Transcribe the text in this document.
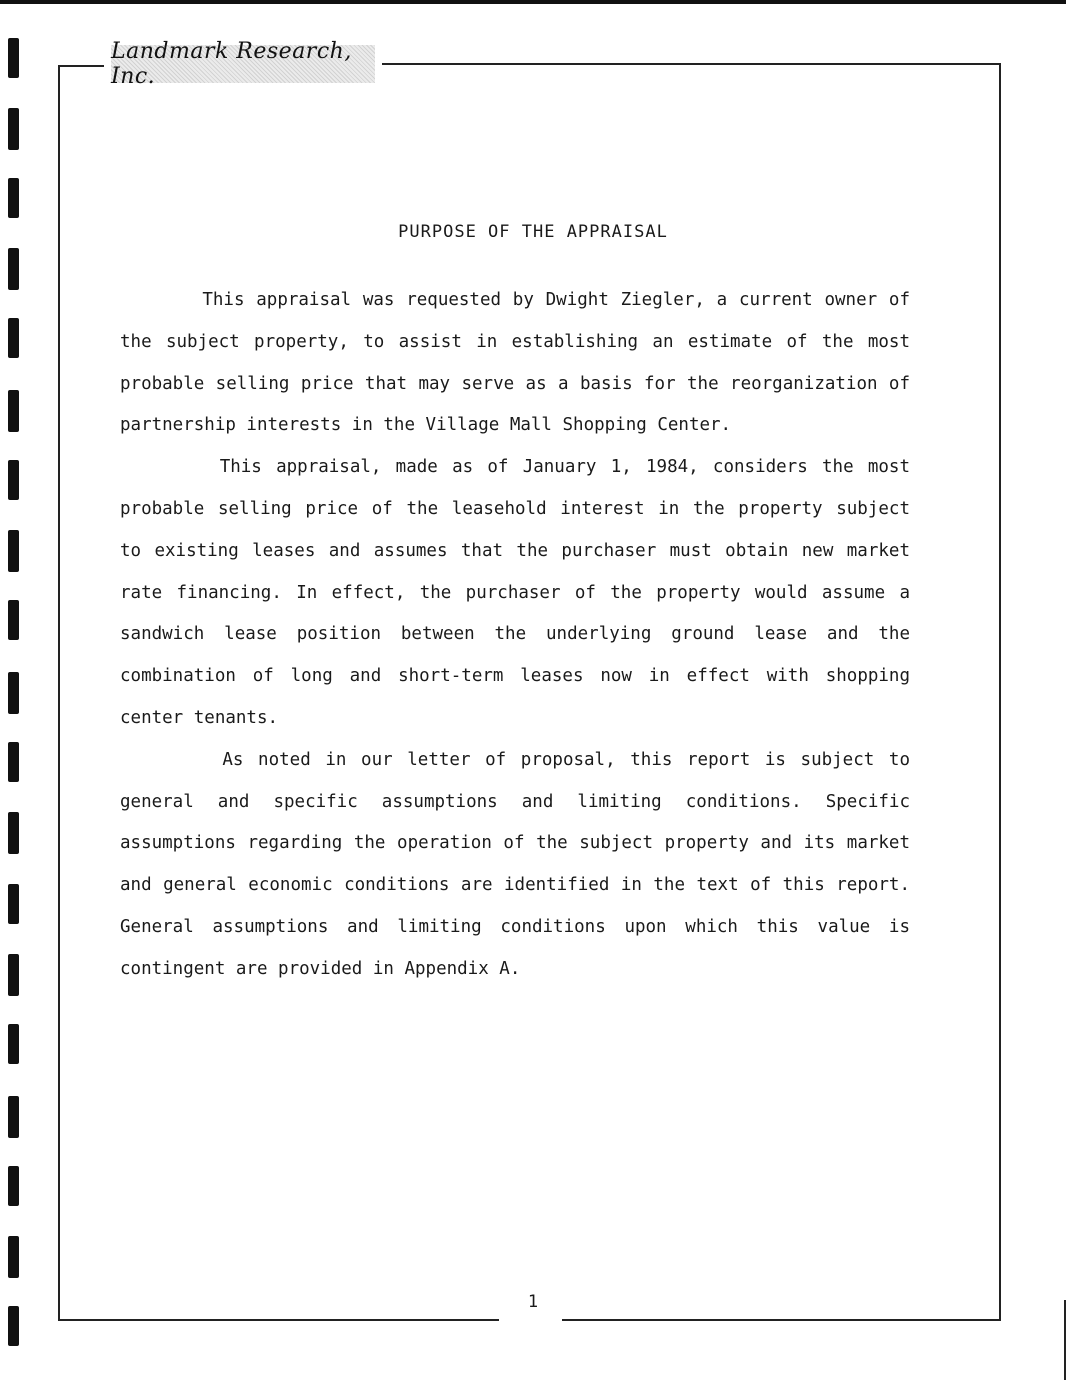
Landmark Research, Inc.
PURPOSE OF THE APPRAISAL

This appraisal was requested by Dwight Ziegler, a current owner of the subject property, to assist in establishing an estimate of the most probable selling price that may serve as a basis for the reorganization of partnership interests in the Village Mall Shopping Center.

This appraisal, made as of January 1, 1984, considers the most probable selling price of the leasehold interest in the property subject to existing leases and assumes that the purchaser must obtain new market rate financing. In effect, the purchaser of the property would assume a sandwich lease position between the underlying ground lease and the combination of long and short-term leases now in effect with shopping center tenants.

As noted in our letter of proposal, this report is subject to general and specific assumptions and limiting conditions. Specific assumptions regarding the operation of the subject property and its market and general economic conditions are identified in the text of this report. General assumptions and limiting conditions upon which this value is contingent are provided in Appendix A.

1
